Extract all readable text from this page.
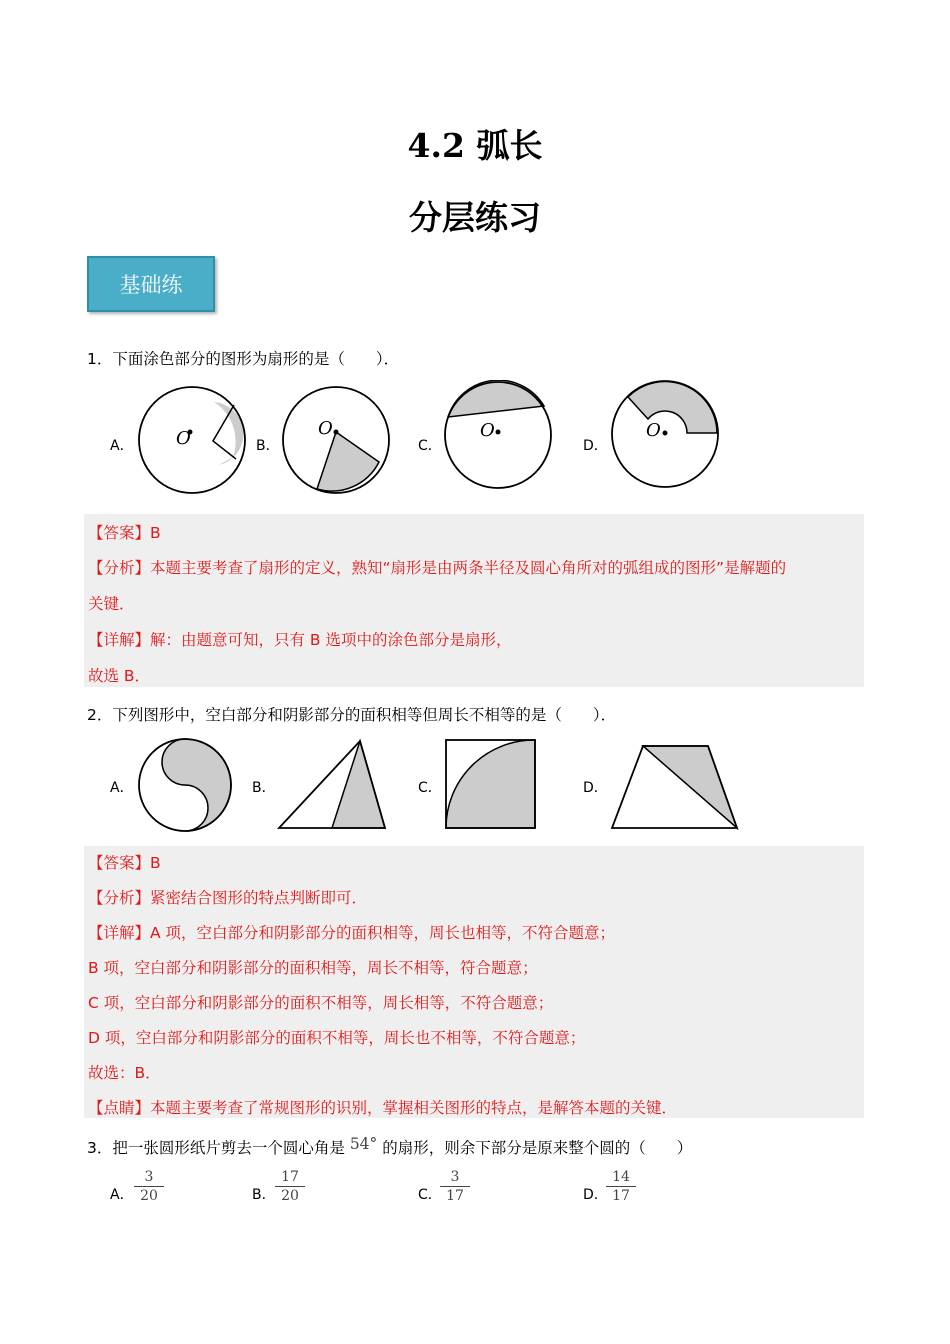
4.2 弧长
分层练习
基础练
1．下面涂色部分的图形为扇形的是（　　）．
A． O	B．
O
C．
O
D．
O
【答案】B
【分析】本题主要考查了扇形的定义，熟知“扇形是由两条半径及圆心角所对的弧组成的图形”是解题的
关键．
【详解】解：由题意可知，只有 B 选项中的涂色部分是扇形，
故选 B．
2．下列图形中，空白部分和阴影部分的面积相等但周长不相等的是（　　）．
A．	B．	C．	D．
【答案】B
【分析】紧密结合图形的特点判断即可．
【详解】A 项，空白部分和阴影部分的面积相等，周长也相等，不符合题意；
B 项，空白部分和阴影部分的面积相等，周长不相等，符合题意；
C 项，空白部分和阴影部分的面积不相等，周长相等，不符合题意；
D 项，空白部分和阴影部分的面积不相等，周长也不相等，不符合题意；
故选：B．
【点睛】本题主要考查了常规图形的识别，掌握相关图形的特点，是解答本题的关键．
3．把一张圆形纸片剪去一个圆心角是 54° 的扇形，则余下部分是原来整个圆的（　　）
A． $\frac{3}{20}$	B． $\frac{17}{20}$	C．
$\frac{3}{17}$	D．
$\frac{14}{17}$
